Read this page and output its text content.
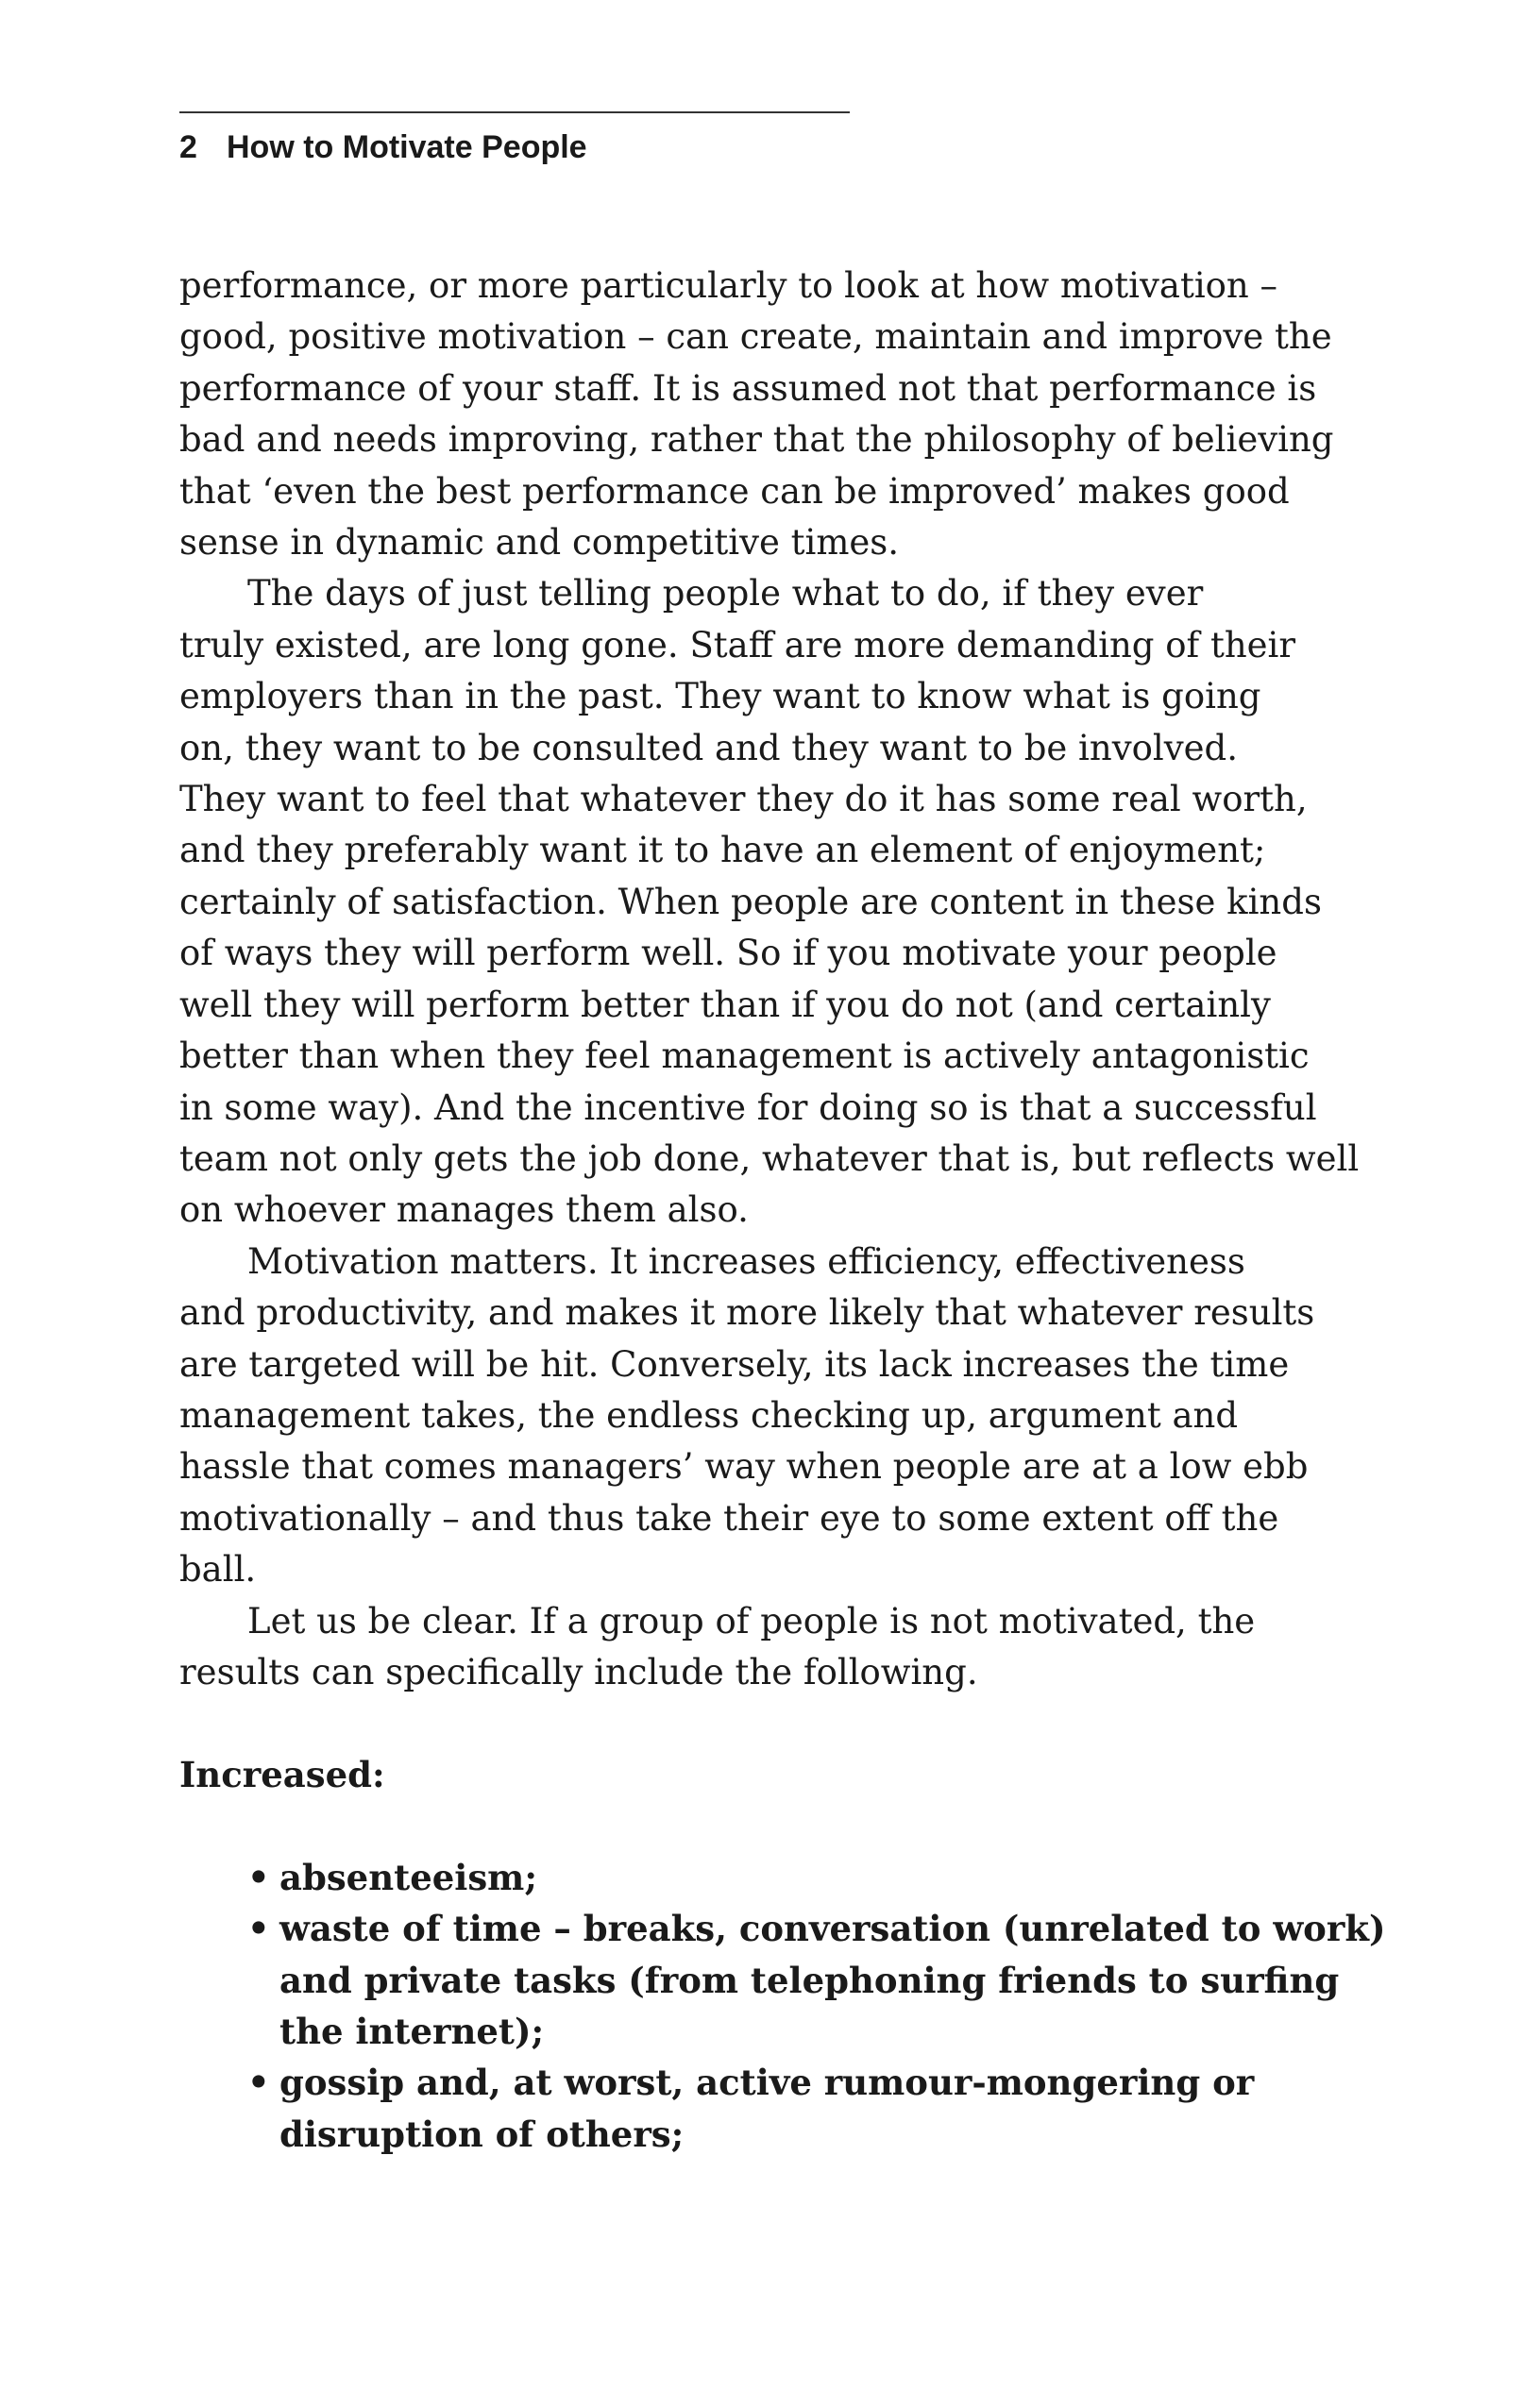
2 How to Motivate People

performance, or more particularly to look at how motivation –
good, positive motivation – can create, maintain and improve the
performance of your staff. It is assumed not that performance is
bad and needs improving, rather that the philosophy of believing
that ‘even the best performance can be improved’ makes good
sense in dynamic and competitive times.

The days of just telling people what to do, if they ever
truly existed, are long gone. Staff are more demanding of their
employers than in the past. They want to know what is going
on, they want to be consulted and they want to be involved.
They want to feel that whatever they do it has some real worth,
and they preferably want it to have an element of enjoyment;
certainly of satisfaction. When people are content in these kinds
of ways they will perform well. So if you motivate your people
well they will perform better than if you do not (and certainly
better than when they feel management is actively antagonistic
in some way). And the incentive for doing so is that a successful
team not only gets the job done, whatever that is, but reflects well
on whoever manages them also.

Motivation matters. It increases efficiency, effectiveness
and productivity, and makes it more likely that whatever results
are targeted will be hit. Conversely, its lack increases the time
management takes, the endless checking up, argument and
hassle that comes managers’ way when people are at a low ebb
motivationally – and thus take their eye to some extent off the
ball.

Let us be clear. If a group of people is not motivated, the
results can specifically include the following.

Increased:

• absenteeism;
• waste of time – breaks, conversation (unrelated to work)
and private tasks (from telephoning friends to surfing
the internet);
• gossip and, at worst, active rumour-mongering or
disruption of others;
